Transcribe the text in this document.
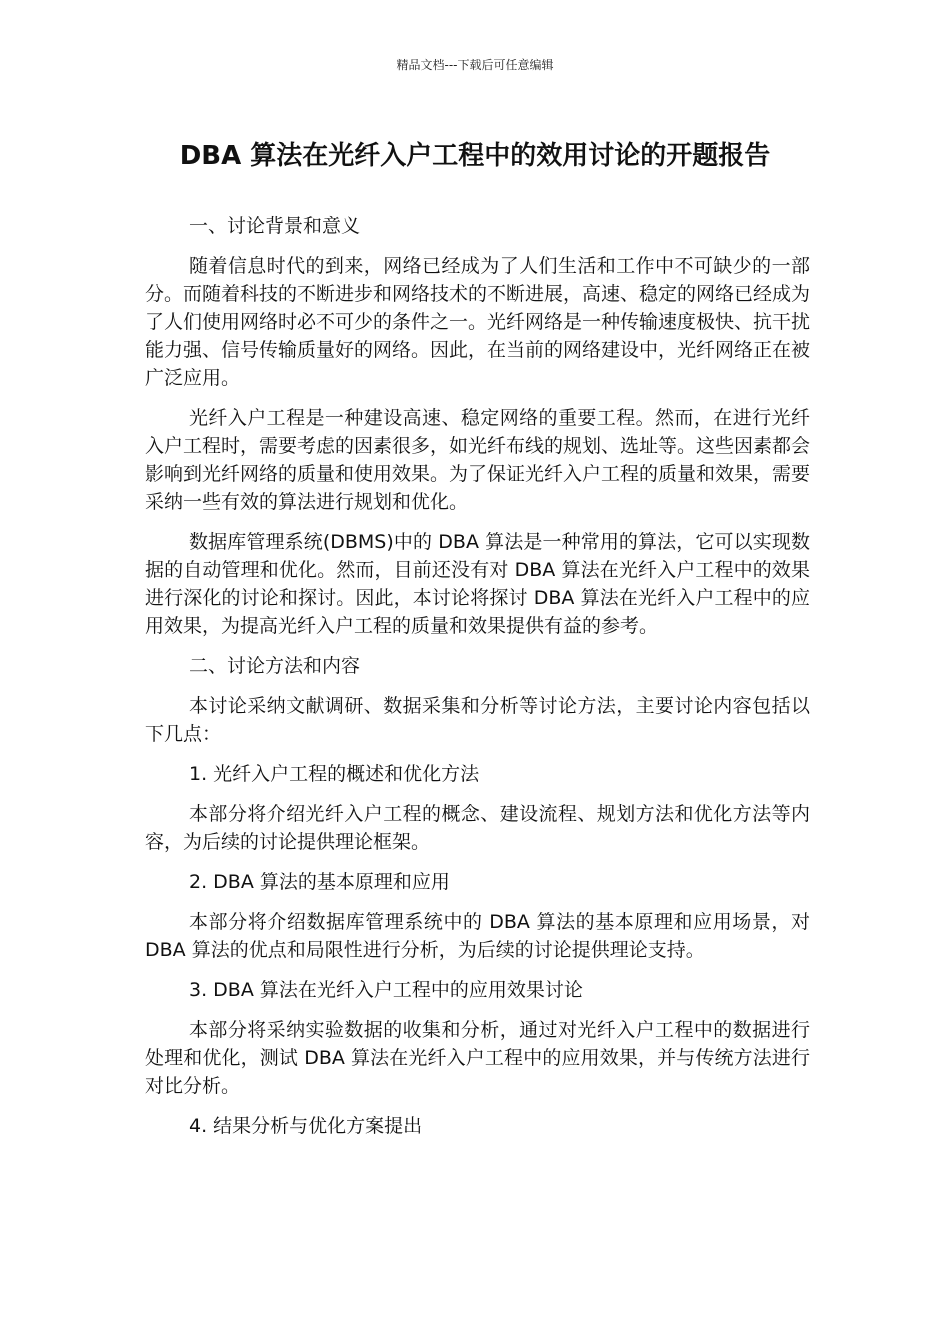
精品文档---下载后可任意编辑
DBA 算法在光纤入户工程中的效用讨论的开题报告

一、讨论背景和意义

随着信息时代的到来，网络已经成为了人们生活和工作中不可缺少的一部分。而随着科技的不断进步和网络技术的不断进展，高速、稳定的网络已经成为了人们使用网络时必不可少的条件之一。光纤网络是一种传输速度极快、抗干扰能力强、信号传输质量好的网络。因此，在当前的网络建设中，光纤网络正在被广泛应用。

光纤入户工程是一种建设高速、稳定网络的重要工程。然而，在进行光纤入户工程时，需要考虑的因素很多，如光纤布线的规划、选址等。这些因素都会影响到光纤网络的质量和使用效果。为了保证光纤入户工程的质量和效果，需要采纳一些有效的算法进行规划和优化。

数据库管理系统(DBMS)中的 DBA 算法是一种常用的算法，它可以实现数据的自动管理和优化。然而，目前还没有对 DBA 算法在光纤入户工程中的效果进行深化的讨论和探讨。因此，本讨论将探讨 DBA 算法在光纤入户工程中的应用效果，为提高光纤入户工程的质量和效果提供有益的参考。

二、讨论方法和内容

本讨论采纳文献调研、数据采集和分析等讨论方法，主要讨论内容包括以下几点：

1. 光纤入户工程的概述和优化方法

本部分将介绍光纤入户工程的概念、建设流程、规划方法和优化方法等内容，为后续的讨论提供理论框架。

2. DBA 算法的基本原理和应用

本部分将介绍数据库管理系统中的 DBA 算法的基本原理和应用场景，对 DBA 算法的优点和局限性进行分析，为后续的讨论提供理论支持。

3. DBA 算法在光纤入户工程中的应用效果讨论

本部分将采纳实验数据的收集和分析，通过对光纤入户工程中的数据进行处理和优化，测试 DBA 算法在光纤入户工程中的应用效果，并与传统方法进行对比分析。

4. 结果分析与优化方案提出
